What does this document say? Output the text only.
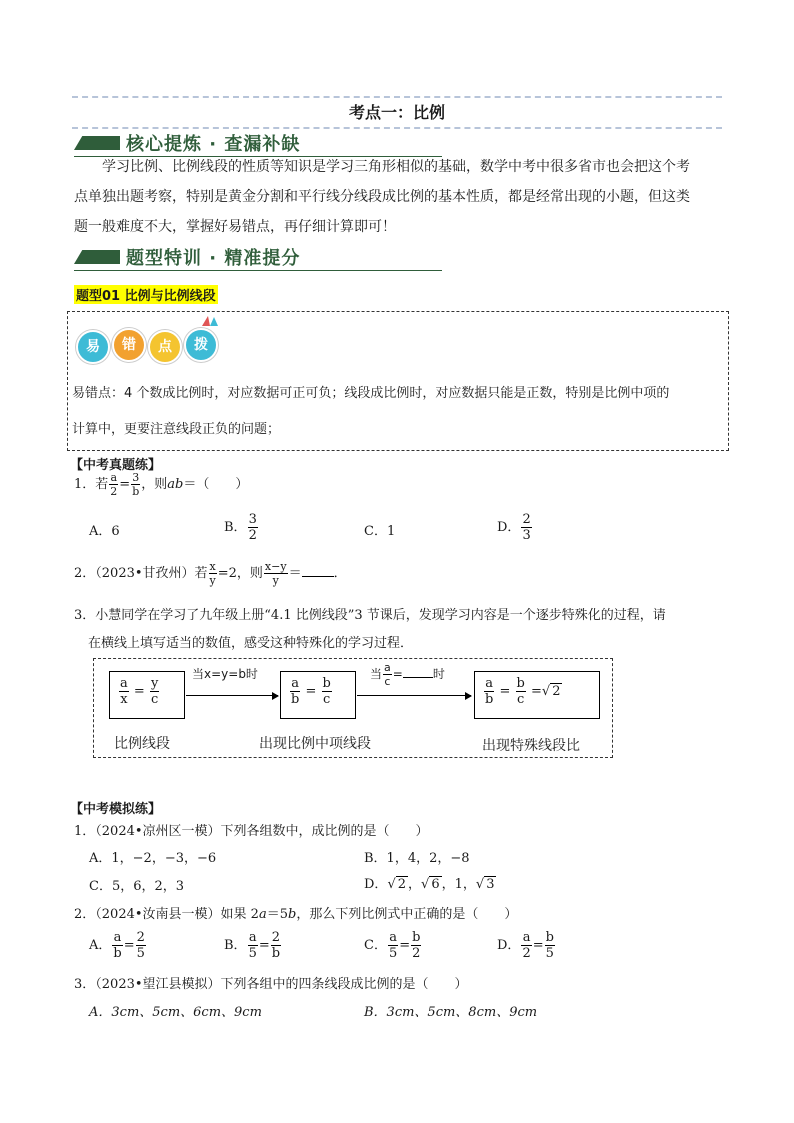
考点一：比例
核心提炼 · 查漏补缺
学习比例、比例线段的性质等知识是学习三角形相似的基础，数学中考中很多省市也会把这个考
点单独出题考察，特别是黄金分割和平行线分线段成比例的基本性质，都是经常出现的小题，但这类
题一般难度不大，掌握好易错点，再仔细计算即可！
题型特训 · 精准提分
题型01 比例与比例线段
易	错	点	拨
易错点：4 个数成比例时，对应数据可正可负；线段成比例时，对应数据只能是正数，特别是比例中项的
计算中，更要注意线段正负的问题；
【中考真题练】
1．若 $\frac{a}{2} = \frac{3}{b}$ ，则ab＝（　　）
A．6	B． $\frac{3}{2}$	C．1	D． $\frac{2}{3}$
2．（2023•甘孜州）若 $\frac{x}{y} =2$，则 $\frac{x-y}{y}$ ＝ ．
3．小慧同学在学习了九年级上册“4.1 比例线段”3 节课后，发现学习内容是一个逐步特殊化的过程，请
在横线上填写适当的数值，感受这种特殊化的学习过程．
$\frac{a}{x} = \frac{y}{c}$
当x=y=b时
$\frac{a}{b} = \frac{b}{c}$
当 $\frac{a}{c}$ =	时
$\frac{a}{b} = \frac{b}{c}$ =√ 2
比例线段	出现比例中项线段	出现特殊线段比
【中考模拟练】
1．（2024•凉州区一模）下列各组数中，成比例的是（　　）
A．1，−2，−3，−6	B．1，4，2，−8
C．5，6，2，3	D．√ 2 ，√ 6 ，1，√ 3
2．（2024•汝南县一模）如果 2a＝5b，那么下列比例式中正确的是（　　）
A． $\frac{a}{b} = \frac{2}{5}$	B． $\frac{a}{5} = \frac{2}{b}$	C． $\frac{a}{5} = \frac{b}{2}$	D． $\frac{a}{2} = \frac{b}{5}$
3．（2023•望江县模拟）下列各组中的四条线段成比例的是（　　）
A．3cm、5cm、6cm、9cm	B．3cm、5cm、8cm、9cm
